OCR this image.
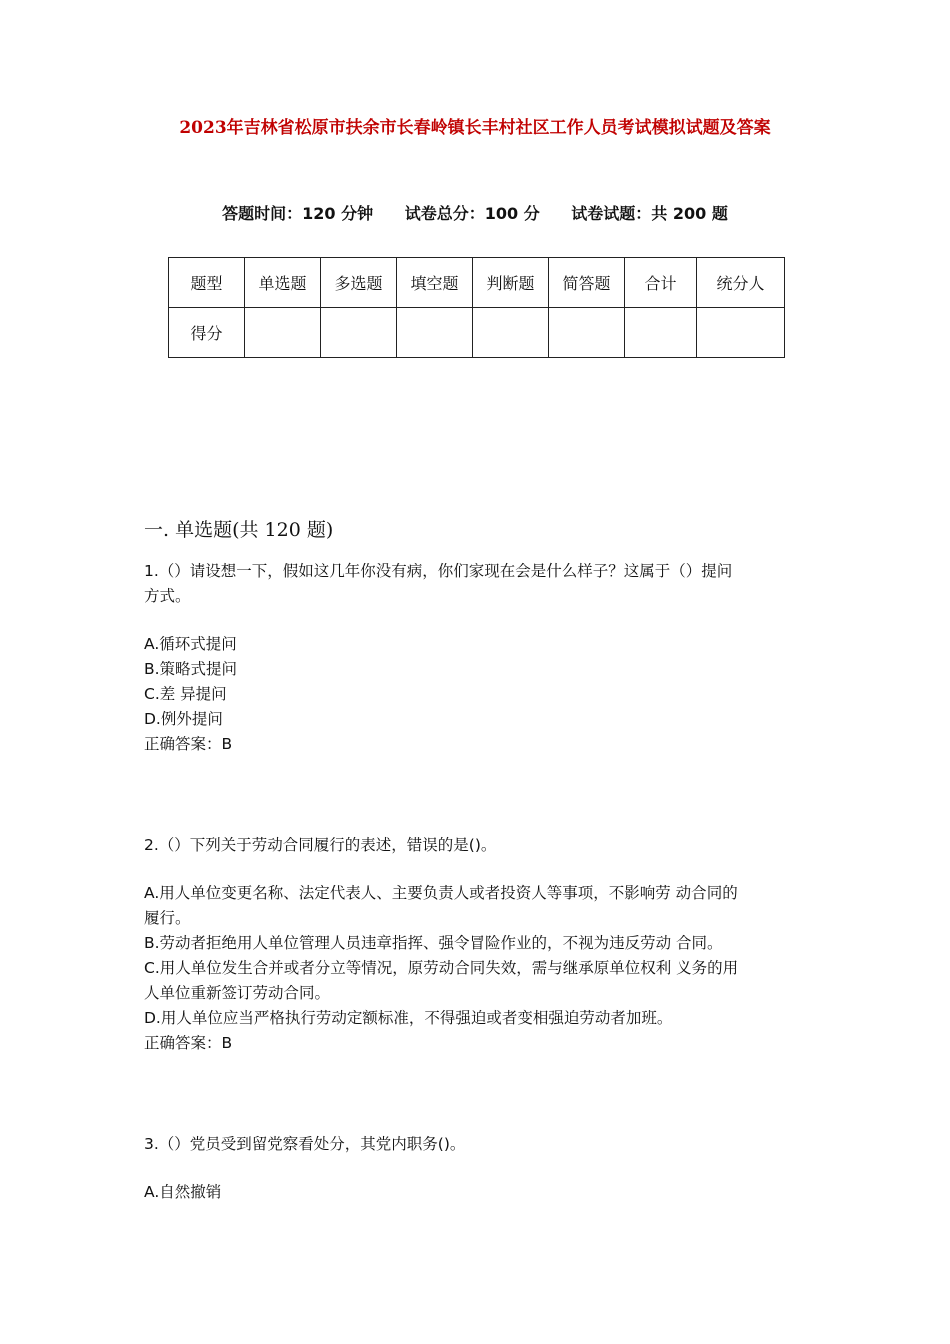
2023年吉林省松原市扶余市长春岭镇长丰村社区工作人员考试模拟试题及答案
答题时间：120 分钟 试卷总分：100 分 试卷试题：共 200 题
题型	单选题	多选题	填空题	判断题	简答题	合计	统分人
得分							
一. 单选题(共 120 题)
1.（）请设想一下，假如这几年你没有病，你们家现在会是什么样子？这属于（）提问
方式。
A.循环式提问
B.策略式提问
C.差 异提问
D.例外提问
正确答案：B
2.（）下列关于劳动合同履行的表述，错误的是()。
A.用人单位变更名称、法定代表人、主要负责人或者投资人等事项，不影响劳 动合同的
履行。
B.劳动者拒绝用人单位管理人员违章指挥、强令冒险作业的，不视为违反劳动 合同。
C.用人单位发生合并或者分立等情况，原劳动合同失效，需与继承原单位权利 义务的用
人单位重新签订劳动合同。
D.用人单位应当严格执行劳动定额标准，不得强迫或者变相强迫劳动者加班。
正确答案：B
3.（）党员受到留党察看处分，其党内职务()。
A.自然撤销
